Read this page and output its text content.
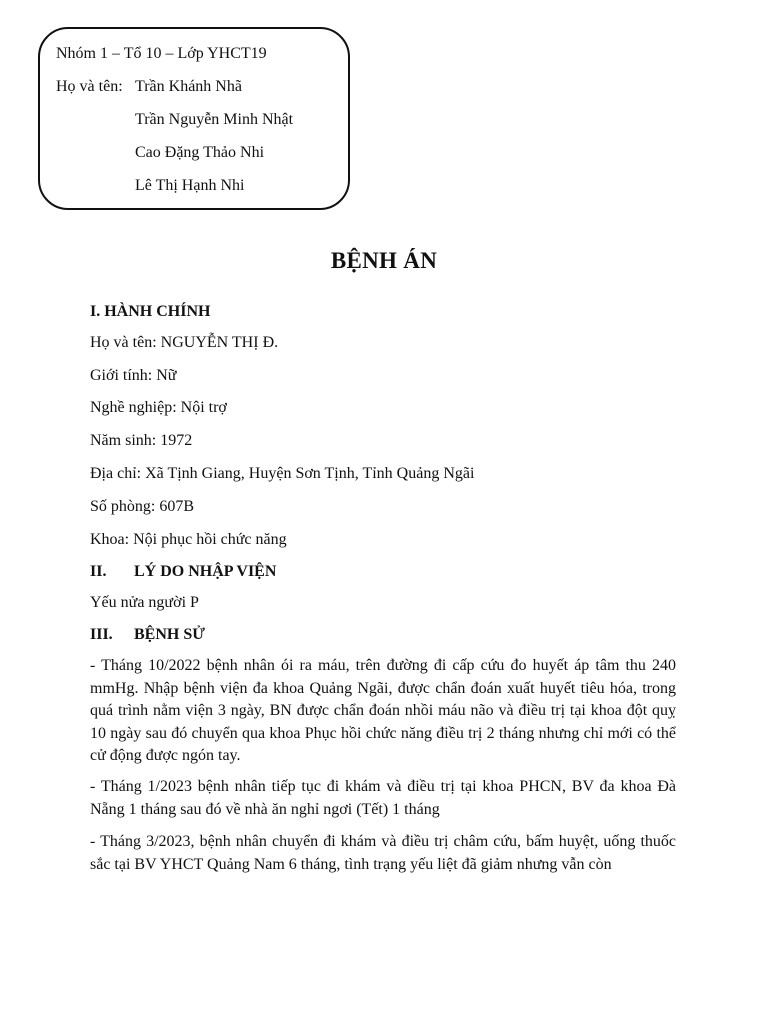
Nhóm 1 – Tổ 10 – Lớp YHCT19
Họ và tên: Trần Khánh Nhã
Trần Nguyễn Minh Nhật
Cao Đặng Thảo Nhi
Lê Thị Hạnh Nhi
BỆNH ÁN
I. HÀNH CHÍNH
Họ và tên: NGUYỄN THỊ Đ.
Giới tính: Nữ
Nghề nghiệp: Nội trợ
Năm sinh: 1972
Địa chỉ: Xã Tịnh Giang, Huyện Sơn Tịnh, Tỉnh Quảng Ngãi
Số phòng: 607B
Khoa: Nội phục hồi chức năng
II. LÝ DO NHẬP VIỆN
Yếu nửa người P
III. BỆNH SỬ
- Tháng 10/2022 bệnh nhân ói ra máu, trên đường đi cấp cứu đo huyết áp tâm thu 240 mmHg. Nhập bệnh viện đa khoa Quảng Ngãi, được chẩn đoán xuất huyết tiêu hóa, trong quá trình nằm viện 3 ngày, BN được chẩn đoán nhồi máu não và điều trị tại khoa đột quỵ 10 ngày sau đó chuyển qua khoa Phục hồi chức năng điều trị 2 tháng nhưng chỉ mới có thể cử động được ngón tay.
- Tháng 1/2023 bệnh nhân tiếp tục đi khám và điều trị tại khoa PHCN, BV đa khoa Đà Nẵng 1 tháng sau đó về nhà ăn nghỉ ngơi (Tết) 1 tháng
- Tháng 3/2023, bệnh nhân chuyển đi khám và điều trị châm cứu, bấm huyệt, uống thuốc sắc tại BV YHCT Quảng Nam 6 tháng, tình trạng yếu liệt đã giảm nhưng vẫn còn
